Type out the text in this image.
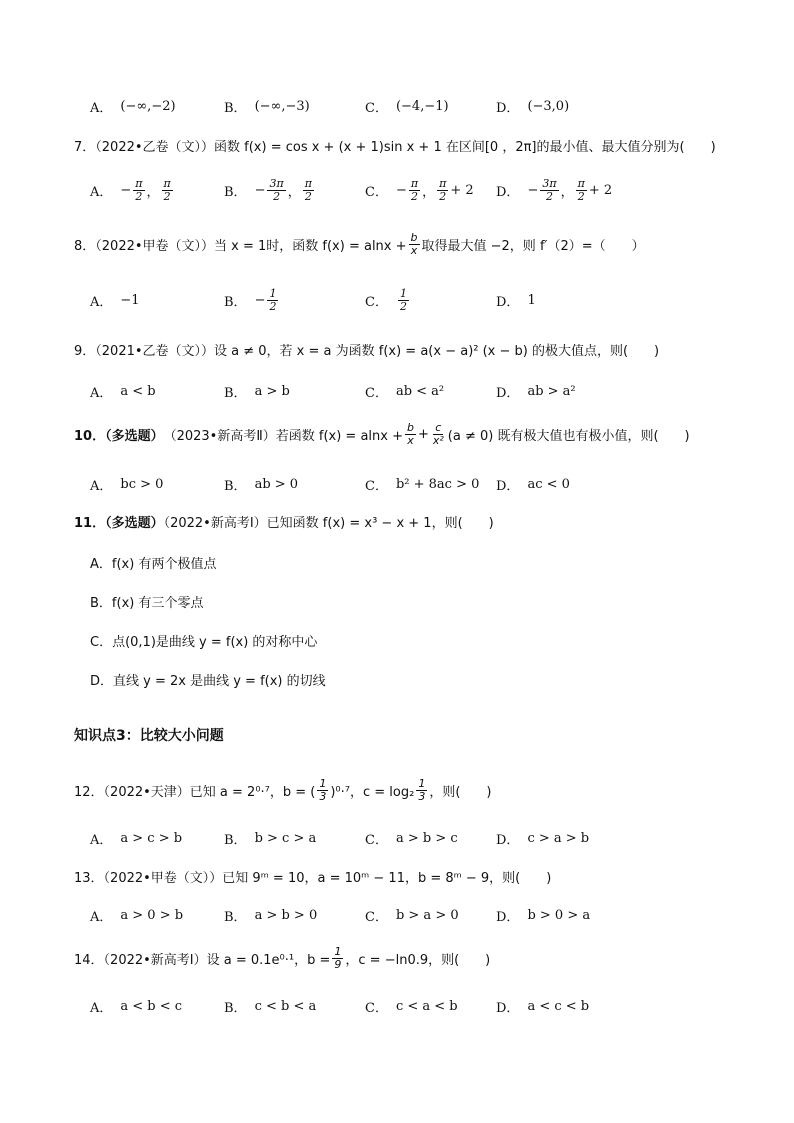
A． (−∞,−2)	B． (−∞,−3)	C． (−4,−1)	D． (−3,0)
7．（2022•乙卷（文））函数 f(x) = cos x + (x + 1)sin x + 1 在区间[0 ，2π]的最小值、最大值分别为(　　)
A． − $\frac{\pi}{2}$ ， $\frac{\pi}{2}$	B． − $\frac{3\pi}{2}$ ， $\frac{\pi}{2}$	C． − $\frac{\pi}{2}$ ， $\frac{\pi}{2} + 2$ D． − $\frac{3\pi}{2}$ ， $\frac{\pi}{2} + 2$
8．（2022•甲卷（文））当 x = 1时，函数 $f(x) = alnx + \frac{b}{x}$ 取得最大值 −2，则 f′（2）=（　　）
A． −1	B． − $\frac{1}{2}$	C． $\frac{1}{2}$	D． 1
9．（2021•乙卷（文））设 a ≠ 0，若 x = a 为函数 f(x) = a(x − a)² (x − b) 的极大值点，则(　　)
A． a < b	B． a > b	C． ab < a²	D． ab > a²
10．（多选题） （2023•新高考Ⅱ）若函数 $f(x) = alnx + \frac{b}{x} + \frac{c}{\text{x²}} (a \ne 0)$ 既有极大值也有极小值，则(　　)
A． bc > 0	B． ab > 0	C． b² + 8ac > 0 D． ac < 0
11．（多选题）（2022•新高考Ⅰ）已知函数 f(x) = x³ − x + 1，则(　　)
A．f(x) 有两个极值点
B．f(x) 有三个零点
C．点(0,1)是曲线 y = f(x) 的对称中心
D．直线 y = 2x 是曲线 y = f(x) 的切线
知识点3：比较大小问题
12．（2022•天津）已知 a = 2⁰·⁷，b = ( $\frac{1}{3} )^0\cdot^7$，$c = \log_2 \frac{1}{3}$ ，则(　　)
A． a > c > b	B． b > c > a	C． a > b > c	D． c > a > b
13．（2022•甲卷（文））已知 9ᵐ = 10，a = 10ᵐ − 11，b = 8ᵐ − 9，则(　　)
A． a > 0 > b	B． a > b > 0	C． b > a > 0	D． b > 0 > a
14．（2022•新高考Ⅰ）设 a = 0.1e⁰·¹，$b = \frac{1}{9}$ ，c = −ln0.9，则(　　)
A． a < b < c	B． c < b < a	C． c < a < b	D． a < c < b
